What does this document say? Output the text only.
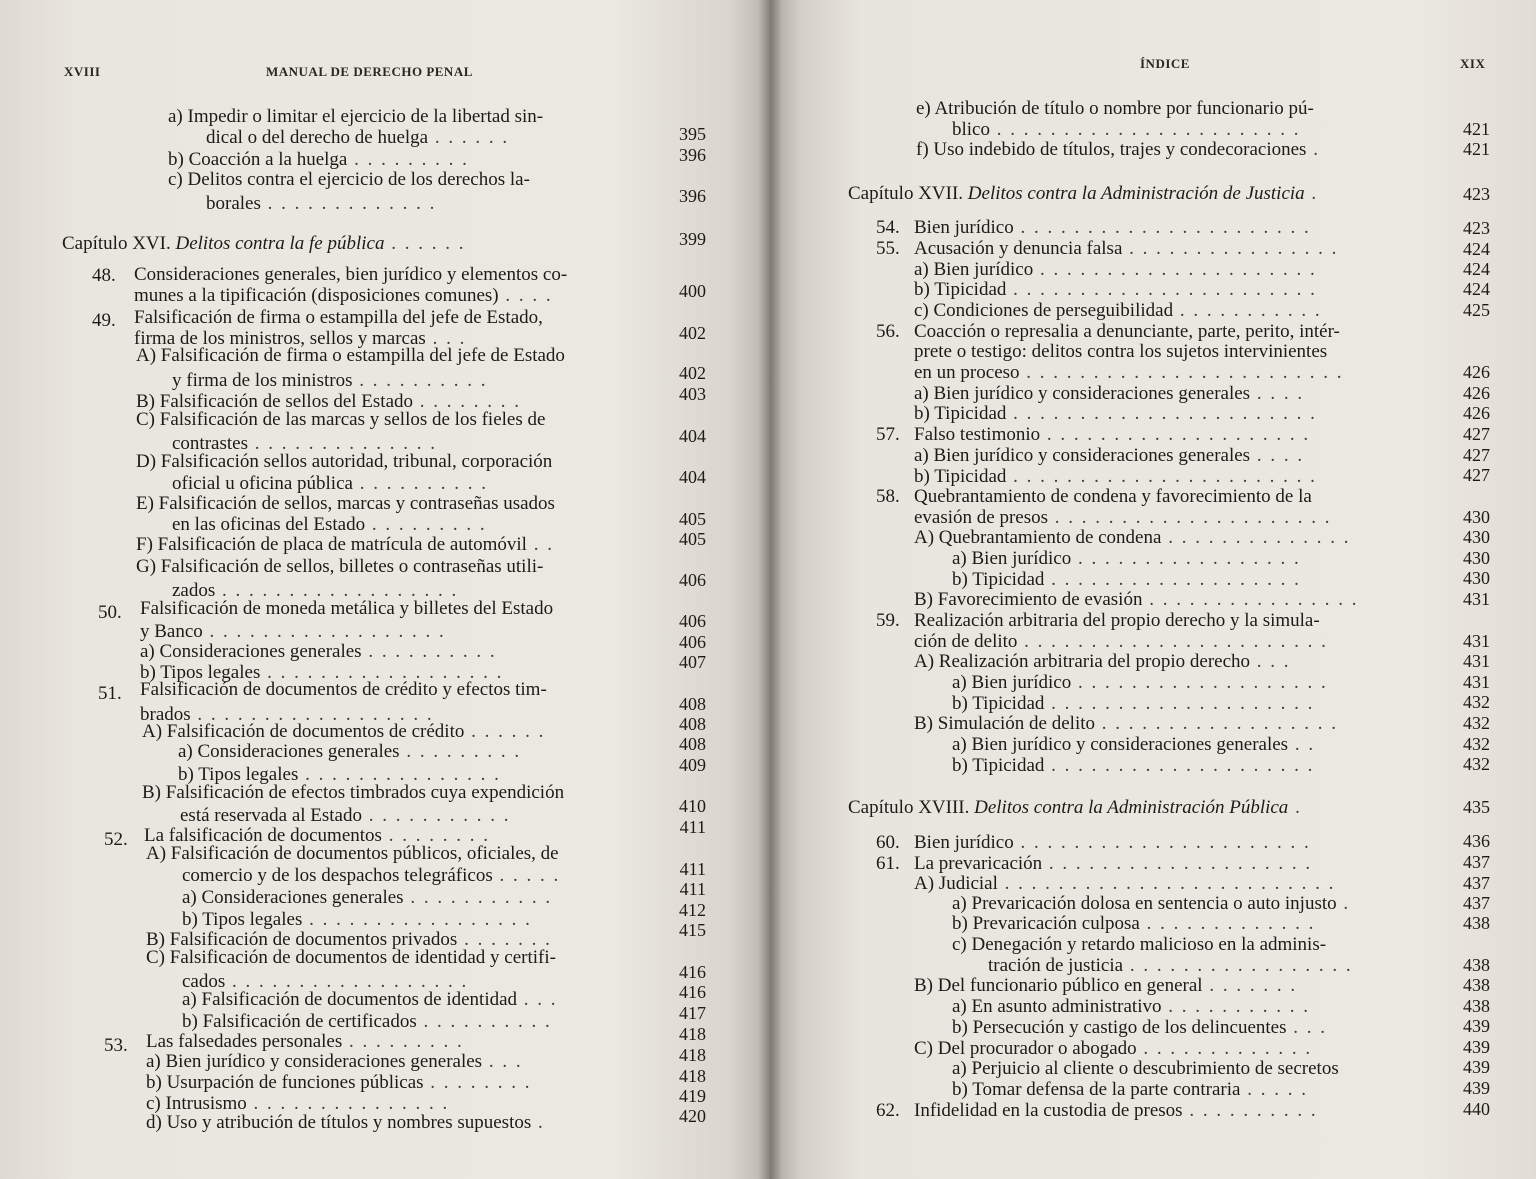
XVIII	MANUAL DE DERECHO PENAL
a) Impedir o limitar el ejercicio de la libertad sin-
dical o del derecho de huelga . . . . . .	395
b) Coacción a la huelga . . . . . . . . .	396
c) Delitos contra el ejercicio de los derechos la-
borales . . . . . . . . . . . . .	396
Capítulo XVI. Delitos contra la fe pública . . . . . .	399
48. Consideraciones generales, bien jurídico y elementos co-
munes a la tipificación (disposiciones comunes) . . . .	400
49. Falsificación de firma o estampilla del jefe de Estado,
firma de los ministros, sellos y marcas . . .	402
A) Falsificación de firma o estampilla del jefe de Estado
y firma de los ministros . . . . . . . . . .	402
B) Falsificación de sellos del Estado . . . . . . . .	403
C) Falsificación de las marcas y sellos de los fieles de
contrastes . . . . . . . . . . . . . .	404
D) Falsificación sellos autoridad, tribunal, corporación
oficial u oficina pública . . . . . . . . . .	404
E) Falsificación de sellos, marcas y contraseñas usados
en las oficinas del Estado . . . . . . . . .	405
F) Falsificación de placa de matrícula de automóvil . .	405
G) Falsificación de sellos, billetes o contraseñas utili-
zados . . . . . . . . . . . . . . . . . .	406
50. Falsificación de moneda metálica y billetes del Estado
y Banco . . . . . . . . . . . . . . . . . .	406
a) Consideraciones generales . . . . . . . . . .	406
b) Tipos legales . . . . . . . . . . . . . . . . . .	407
51. Falsificación de documentos de crédito y efectos tim-
brados . . . . . . . . . . . . . . . . . .	408
A) Falsificación de documentos de crédito . . . . . .	408
a) Consideraciones generales . . . . . . . . .	408
b) Tipos legales . . . . . . . . . . . . . . .	409
B) Falsificación de efectos timbrados cuya expendición
está reservada al Estado . . . . . . . . . . .	410
52. La falsificación de documentos . . . . . . . .	411
A) Falsificación de documentos públicos, oficiales, de
comercio y de los despachos telegráficos . . . . .	411
a) Consideraciones generales . . . . . . . . . . .	411
b) Tipos legales . . . . . . . . . . . . . . . . .	412
B) Falsificación de documentos privados . . . . . . .	415
C) Falsificación de documentos de identidad y certifi-
cados . . . . . . . . . . . . . . . . . .	416
a) Falsificación de documentos de identidad . . .	416
b) Falsificación de certificados . . . . . . . . . .	417
53. Las falsedades personales . . . . . . . . .	418
a) Bien jurídico y consideraciones generales . . .	418
b) Usurpación de funciones públicas . . . . . . . .	418
c) Intrusismo . . . . . . . . . . . . . . .	419
d) Uso y atribución de títulos y nombres supuestos .	420
ÍNDICE	XIX
e) Atribución de título o nombre por funcionario pú-
blico . . . . . . . . . . . . . . . . . . . . . . .	421
f) Uso indebido de títulos, trajes y condecoraciones .	421
Capítulo XVII. Delitos contra la Administración de Justicia .	423
54. Bien jurídico . . . . . . . . . . . . . . . . . . . . . .	423
55. Acusación y denuncia falsa . . . . . . . . . . . . . . . .	424
a) Bien jurídico . . . . . . . . . . . . . . . . . . . . .	424
b) Tipicidad . . . . . . . . . . . . . . . . . . . . . . .	424
c) Condiciones de perseguibilidad . . . . . . . . . . .	425
56. Coacción o represalia a denunciante, parte, perito, intér-
prete o testigo: delitos contra los sujetos intervinientes
en un proceso . . . . . . . . . . . . . . . . . . . . . . . .	426
a) Bien jurídico y consideraciones generales . . . .	426
b) Tipicidad . . . . . . . . . . . . . . . . . . . . . . .	426
57. Falso testimonio . . . . . . . . . . . . . . . . . . . .	427
a) Bien jurídico y consideraciones generales . . . .	427
b) Tipicidad . . . . . . . . . . . . . . . . . . . . . . .	427
58. Quebrantamiento de condena y favorecimiento de la
evasión de presos . . . . . . . . . . . . . . . . . . . . .	430
A) Quebrantamiento de condena . . . . . . . . . . . . . .	430
a) Bien jurídico . . . . . . . . . . . . . . . . .	430
b) Tipicidad . . . . . . . . . . . . . . . . . . .	430
B) Favorecimiento de evasión . . . . . . . . . . . . . . . .	431
59. Realización arbitraria del propio derecho y la simula-
ción de delito . . . . . . . . . . . . . . . . . . . . . . .	431
A) Realización arbitraria del propio derecho . . .	431
a) Bien jurídico . . . . . . . . . . . . . . . . . . .	431
b) Tipicidad . . . . . . . . . . . . . . . . . . . .	432
B) Simulación de delito . . . . . . . . . . . . . . . . . .	432
a) Bien jurídico y consideraciones generales . .	432
b) Tipicidad . . . . . . . . . . . . . . . . . . . .	432
Capítulo XVIII. Delitos contra la Administración Pública .	435
60. Bien jurídico . . . . . . . . . . . . . . . . . . . . . .	436
61. La prevaricación . . . . . . . . . . . . . . . . . . . .	437
A) Judicial . . . . . . . . . . . . . . . . . . . . . . . . .	437
a) Prevaricación dolosa en sentencia o auto injusto .	437
b) Prevaricación culposa . . . . . . . . . . . . .	438
c) Denegación y retardo malicioso en la adminis-
tración de justicia . . . . . . . . . . . . . . . . .	438
B) Del funcionario público en general . . . . . . .	438
a) En asunto administrativo . . . . . . . . . . .	438
b) Persecución y castigo de los delincuentes . . .	439
C) Del procurador o abogado . . . . . . . . . . . . .	439
a) Perjuicio al cliente o descubrimiento de secretos	439
b) Tomar defensa de la parte contraria . . . . .	439
62. Infidelidad en la custodia de presos . . . . . . . . . .	440
